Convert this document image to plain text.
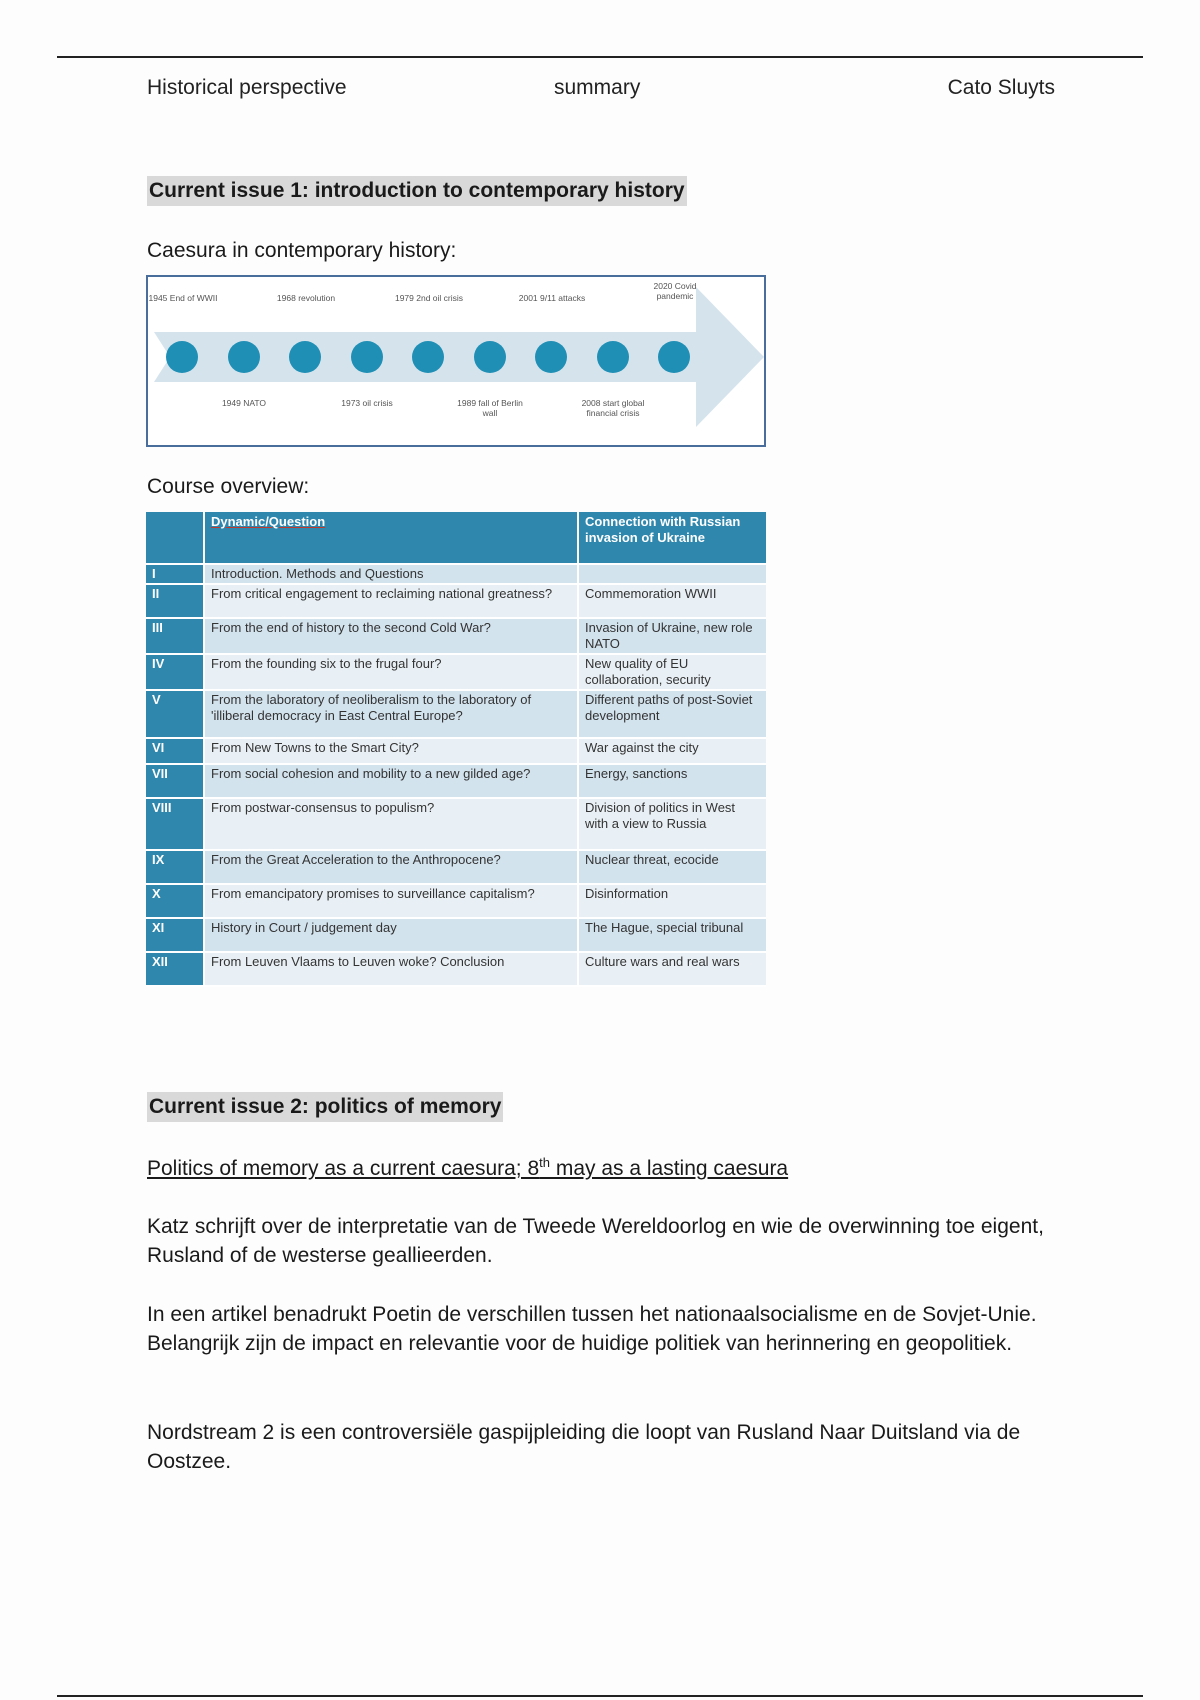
Historical perspective	summary	Cato Sluyts
Current issue 1: introduction to contemporary history
Caesura in contemporary history:
1945 End of WWII	1968 revolution	1979 2nd oil crisis	2001 9/11 attacks
2020 Covid pandemic
1949 NATO	1973 oil crisis	1989 fall of Berlin wall
2008 start global financial crisis
Course overview:
	Dynamic/Question	Connection with Russian invasion of Ukraine
I	Introduction. Methods and Questions	
II	From critical engagement to reclaiming national greatness?	Commemoration WWII
III	From the end of history to the second Cold War?	Invasion of Ukraine, new role NATO
IV	From the founding six to the frugal four?	New quality of EU collaboration, security
V	From the laboratory of neoliberalism to the laboratory of 'illiberal democracy in East Central Europe?	Different paths of post-Soviet development
VI	From New Towns to the Smart City?	War against the city
VII	From social cohesion and mobility to a new gilded age?	Energy, sanctions
VIII	From postwar-consensus to populism?	Division of politics in West with a view to Russia
IX	From the Great Acceleration to the Anthropocene?	Nuclear threat, ecocide
X	From emancipatory promises to surveillance capitalism?	Disinformation
XI	History in Court / judgement day	The Hague, special tribunal
XII	From Leuven Vlaams to Leuven woke? Conclusion	Culture wars and real wars
Current issue 2: politics of memory
Politics of memory as a current caesura; 8th may as a lasting caesura
Katz schrijft over de interpretatie van de Tweede Wereldoorlog en wie de overwinning toe eigent, Rusland of de westerse geallieerden.
In een artikel benadrukt Poetin de verschillen tussen het nationaalsocialisme en de Sovjet-Unie. Belangrijk zijn de impact en relevantie voor de huidige politiek van herinnering en geopolitiek.
Nordstream 2 is een controversiële gaspijpleiding die loopt van Rusland Naar Duitsland via de Oostzee.
